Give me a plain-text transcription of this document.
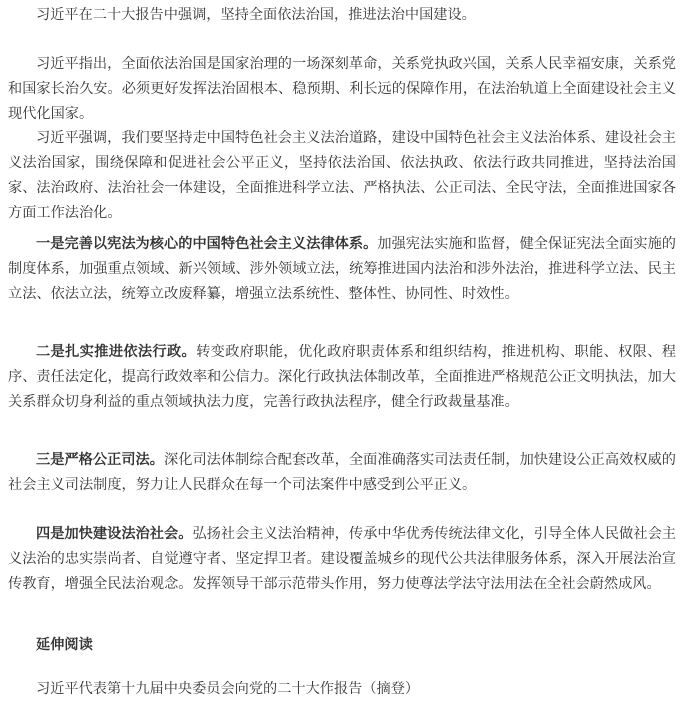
习近平在二十大报告中强调，坚持全面依法治国，推进法治中国建设。

习近平指出，全面依法治国是国家治理的一场深刻革命，关系党执政兴国，关系人民幸福安康，关系党和国家长治久安。必须更好发挥法治固根本、稳预期、利长远的保障作用，在法治轨道上全面建设社会主义现代化国家。

习近平强调，我们要坚持走中国特色社会主义法治道路，建设中国特色社会主义法治体系、建设社会主义法治国家，围绕保障和促进社会公平正义，坚持依法治国、依法执政、依法行政共同推进，坚持法治国家、法治政府、法治社会一体建设，全面推进科学立法、严格执法、公正司法、全民守法，全面推进国家各方面工作法治化。

一是完善以宪法为核心的中国特色社会主义法律体系。加强宪法实施和监督，健全保证宪法全面实施的制度体系，加强重点领域、新兴领域、涉外领域立法，统筹推进国内法治和涉外法治，推进科学立法、民主立法、依法立法，统筹立改废释纂，增强立法系统性、整体性、协同性、时效性。

二是扎实推进依法行政。转变政府职能，优化政府职责体系和组织结构，推进机构、职能、权限、程序、责任法定化，提高行政效率和公信力。深化行政执法体制改革，全面推进严格规范公正文明执法，加大关系群众切身利益的重点领域执法力度，完善行政执法程序，健全行政裁量基准。

三是严格公正司法。深化司法体制综合配套改革，全面准确落实司法责任制，加快建设公正高效权威的社会主义司法制度，努力让人民群众在每一个司法案件中感受到公平正义。

四是加快建设法治社会。弘扬社会主义法治精神，传承中华优秀传统法律文化，引导全体人民做社会主义法治的忠实崇尚者、自觉遵守者、坚定捍卫者。建设覆盖城乡的现代公共法律服务体系，深入开展法治宣传教育，增强全民法治观念。发挥领导干部示范带头作用，努力使尊法学法守法用法在全社会蔚然成风。

延伸阅读

习近平代表第十九届中央委员会向党的二十大作报告（摘登）
